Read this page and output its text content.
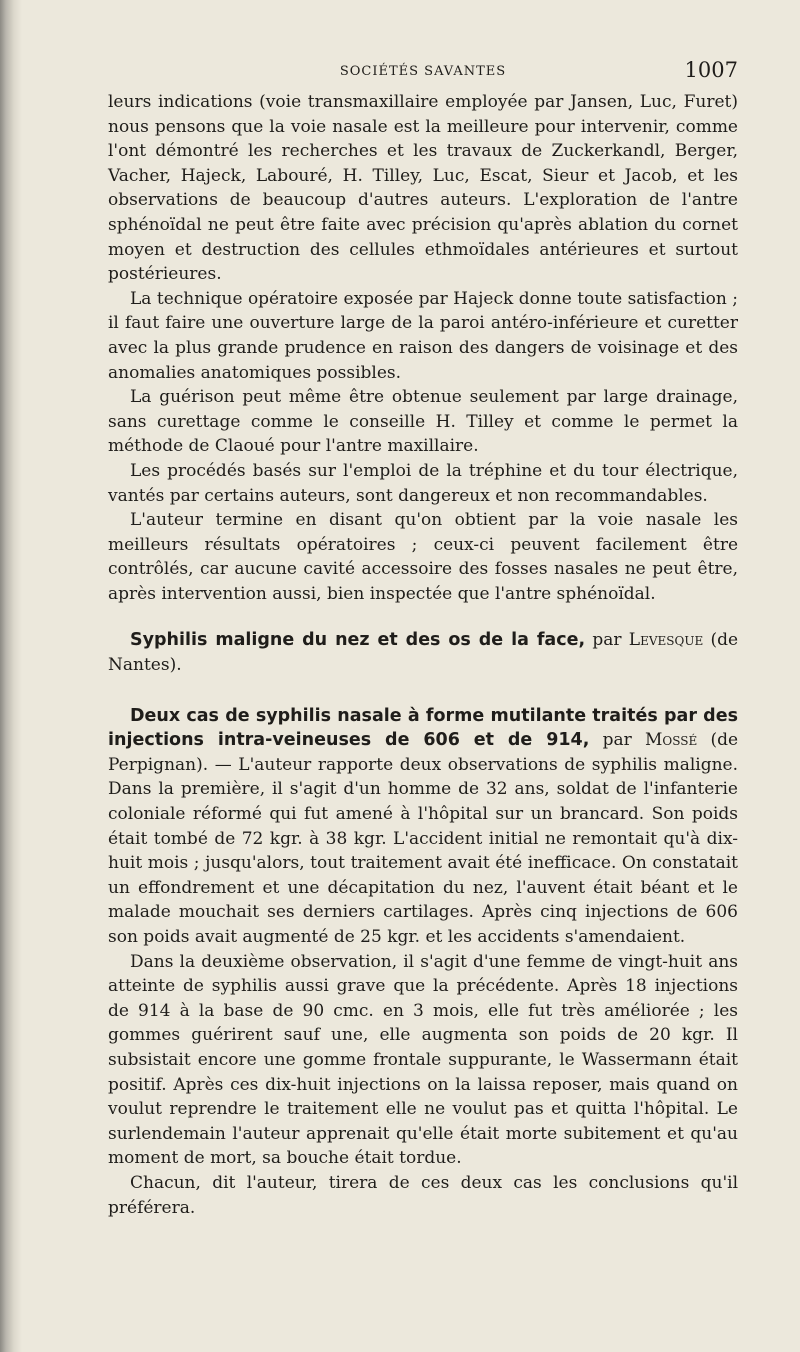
SOCIÉTÉS SAVANTES	1007

leurs indications (voie transmaxillaire employée par Jansen, Luc, Furet) nous pensons que la voie nasale est la meilleure pour intervenir, comme l'ont démontré les recherches et les travaux de Zuckerkandl, Berger, Vacher, Hajeck, Labouré, H. Tilley, Luc, Escat, Sieur et Jacob, et les observations de beaucoup d'autres auteurs. L'exploration de l'antre sphénoïdal ne peut être faite avec précision qu'après ablation du cornet moyen et destruction des cellules ethmoïdales antérieures et surtout postérieures.

La technique opératoire exposée par Hajeck donne toute satisfaction ; il faut faire une ouverture large de la paroi antéro-inférieure et curetter avec la plus grande prudence en raison des dangers de voisinage et des anomalies anatomiques possibles.

La guérison peut même être obtenue seulement par large drainage, sans curettage comme le conseille H. Tilley et comme le permet la méthode de Claoué pour l'antre maxillaire.

Les procédés basés sur l'emploi de la tréphine et du tour électrique, vantés par certains auteurs, sont dangereux et non recommandables.

L'auteur termine en disant qu'on obtient par la voie nasale les meilleurs résultats opératoires ; ceux-ci peuvent facilement être contrôlés, car aucune cavité accessoire des fosses nasales ne peut être, après intervention aussi, bien inspectée que l'antre sphénoïdal.

Syphilis maligne du nez et des os de la face, par Levesque (de Nantes).

Deux cas de syphilis nasale à forme mutilante traités par des injections intra-veineuses de 606 et de 914, par Mossé (de Perpignan). — L'auteur rapporte deux observations de syphilis maligne. Dans la première, il s'agit d'un homme de 32 ans, soldat de l'infanterie coloniale réformé qui fut amené à l'hôpital sur un brancard. Son poids était tombé de 72 kgr. à 38 kgr. L'accident initial ne remontait qu'à dix-huit mois ; jusqu'alors, tout traitement avait été inefficace. On constatait un effondrement et une décapitation du nez, l'auvent était béant et le malade mouchait ses derniers cartilages. Après cinq injections de 606 son poids avait augmenté de 25 kgr. et les accidents s'amendaient.

Dans la deuxième observation, il s'agit d'une femme de vingt-huit ans atteinte de syphilis aussi grave que la précédente. Après 18 injections de 914 à la base de 90 cmc. en 3 mois, elle fut très améliorée ; les gommes guérirent sauf une, elle augmenta son poids de 20 kgr. Il subsistait encore une gomme frontale suppurante, le Wassermann était positif. Après ces dix-huit injections on la laissa reposer, mais quand on voulut reprendre le traitement elle ne voulut pas et quitta l'hôpital. Le surlendemain l'auteur apprenait qu'elle était morte subitement et qu'au moment de mort, sa bouche était tordue.

Chacun, dit l'auteur, tirera de ces deux cas les conclusions qu'il préférera.
